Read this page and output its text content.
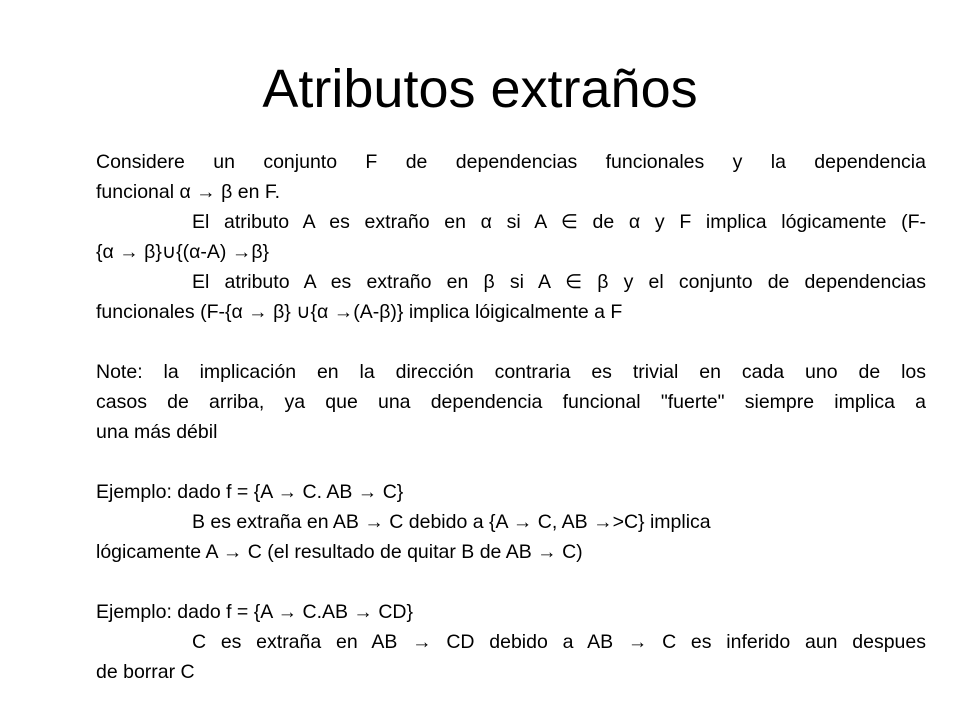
Atributos extraños
Considere un conjunto F de dependencias funcionales y la dependencia
funcional α → β en F.
El atributo A es extraño en α si A ∈ de α y F implica lógicamente (F-
{α → β}∪{(α-A) →β}
El atributo A es extraño en β si A ∈ β y el conjunto de dependencias
funcionales (F-{α → β} ∪{α →(A-β)} implica lóigicalmente a F
Note: la implicación en la dirección contraria es trivial en cada uno de los
casos de arriba, ya que una dependencia funcional "fuerte" siempre implica a
una más débil
Ejemplo: dado f = {A → C. AB → C}
B es extraña en AB → C debido a {A → C, AB →>C} implica
lógicamente A → C (el resultado de quitar B de AB → C)
Ejemplo: dado f = {A → C.AB → CD}
C es extraña en AB → CD debido a AB → C es inferido aun despues
de borrar C
